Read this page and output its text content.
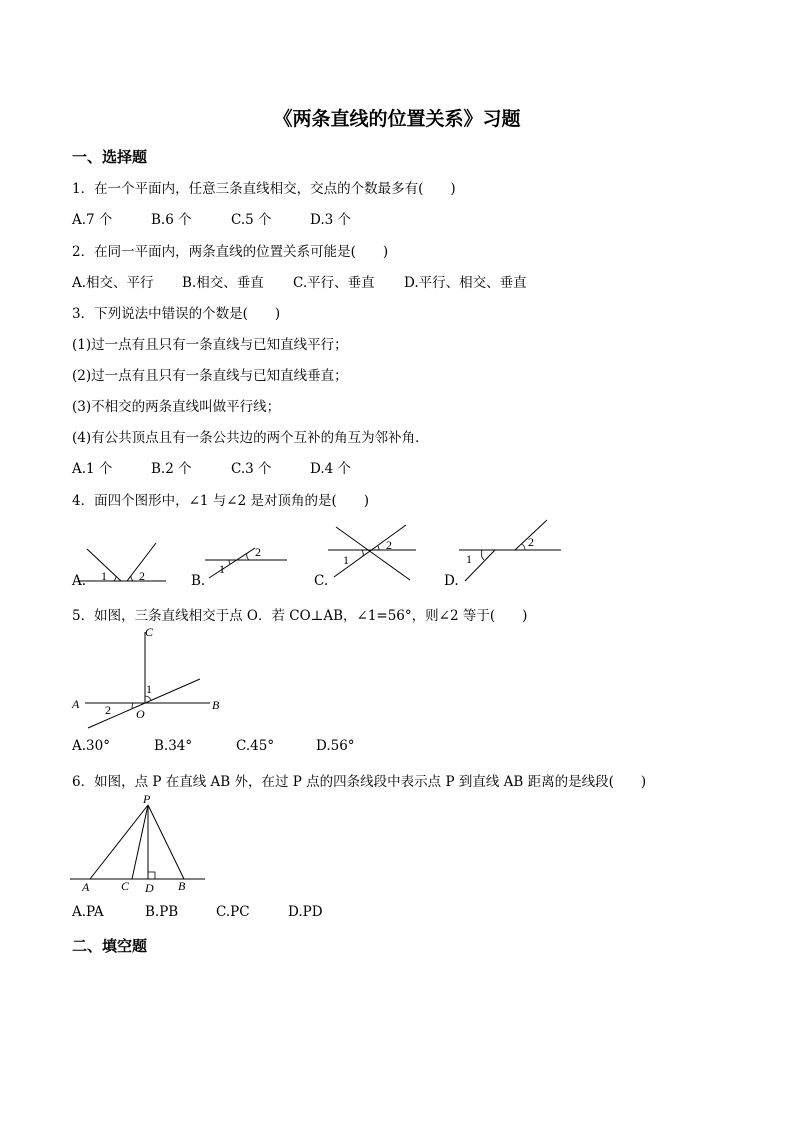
《两条直线的位置关系》习题
一、选择题
1．在一个平面内，任意三条直线相交，交点的个数最多有(　　)
A.7 个	B.6 个	C.5 个	D.3 个
2．在同一平面内，两条直线的位置关系可能是(　　)
A.相交、平行 B.相交、垂直 C.平行、垂直 D.平行、相交、垂直
3．下列说法中错误的个数是(　　)
(1)过一点有且只有一条直线与已知直线平行；
(2)过一点有且只有一条直线与已知直线垂直；
(3)不相交的两条直线叫做平行线；
(4)有公共顶点且有一条公共边的两个互补的角互为邻补角．
A.1 个	B.2 个	C.3 个	D.4 个
4．面四个图形中，∠1 与∠2 是对顶角的是(　　)
1	2
A.
1
2
B.
1
2
C.
1
2
D.
5．如图，三条直线相交于点 O．若 CO⊥AB，∠1=56°，则∠2 等于(　　)
C
A	B
O
1
2
A.30°	B.34°	C.45°	D.56°
6．如图，点 P 在直线 AB 外，在过 P 点的四条线段中表示点 P 到直线 AB 距离的是线段(　　)
P
A	C D B
A.PA	B.PB	C.PC	D.PD
二、填空题
